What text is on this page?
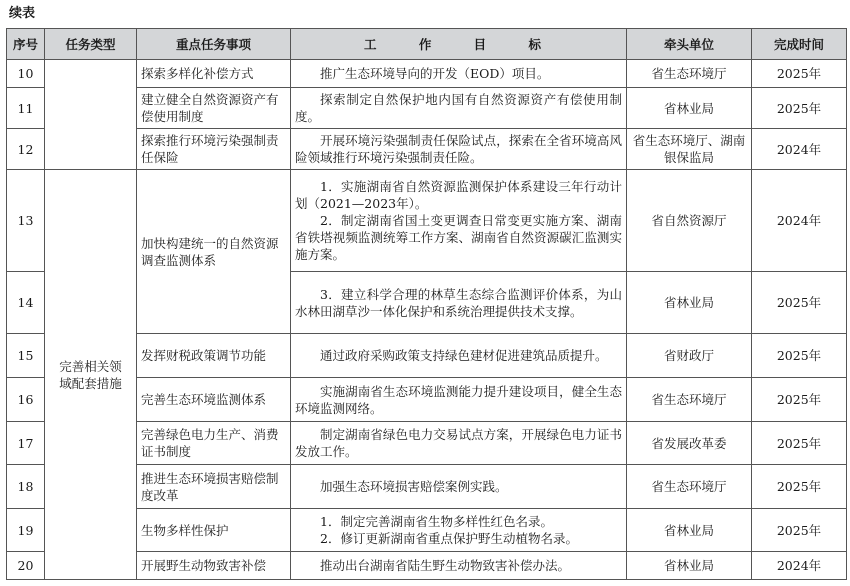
续表
序号	任务类型	重点任务事项	工 作 目 标	牵头单位	完成时间
10		探索多样化补偿方式	推广生态环境导向的开发（EOD）项目。	省生态环境厅	2025年
11		建立健全自然资源资产有偿使用制度	探索制定自然保护地内国有自然资源资产有偿使用制度。	省林业局	2025年
12		探索推行环境污染强制责任保险	开展环境污染强制责任保险试点，探索在全省环境高风险领域推行环境污染强制责任险。	省生态环境厅、湖南银保监局	2024年
13	完善相关领域配套措施	加快构建统一的自然资源调查监测体系	1．实施湖南省自然资源监测保护体系建设三年行动计划（2021—2023年）。

2．制定湖南省国土变更调查日常变更实施方案、湖南省铁塔视频监测统筹工作方案、湖南省自然资源碳汇监测实施方案。	省自然资源厅	2024年
14			3．建立科学合理的林草生态综合监测评价体系，为山水林田湖草沙一体化保护和系统治理提供技术支撑。	省林业局	2025年
15		发挥财税政策调节功能	通过政府采购政策支持绿色建材促进建筑品质提升。	省财政厅	2025年
16		完善生态环境监测体系	实施湖南省生态环境监测能力提升建设项目，健全生态环境监测网络。	省生态环境厅	2025年
17		完善绿色电力生产、消费证书制度	制定湖南省绿色电力交易试点方案，开展绿色电力证书发放工作。	省发展改革委	2025年
18		推进生态环境损害赔偿制度改革	加强生态环境损害赔偿案例实践。	省生态环境厅	2025年
19		生物多样性保护	1．制定完善湖南省生物多样性红色名录。

2．修订更新湖南省重点保护野生动植物名录。	省林业局	2025年
20		开展野生动物致害补偿	推动出台湖南省陆生野生动物致害补偿办法。	省林业局	2024年
